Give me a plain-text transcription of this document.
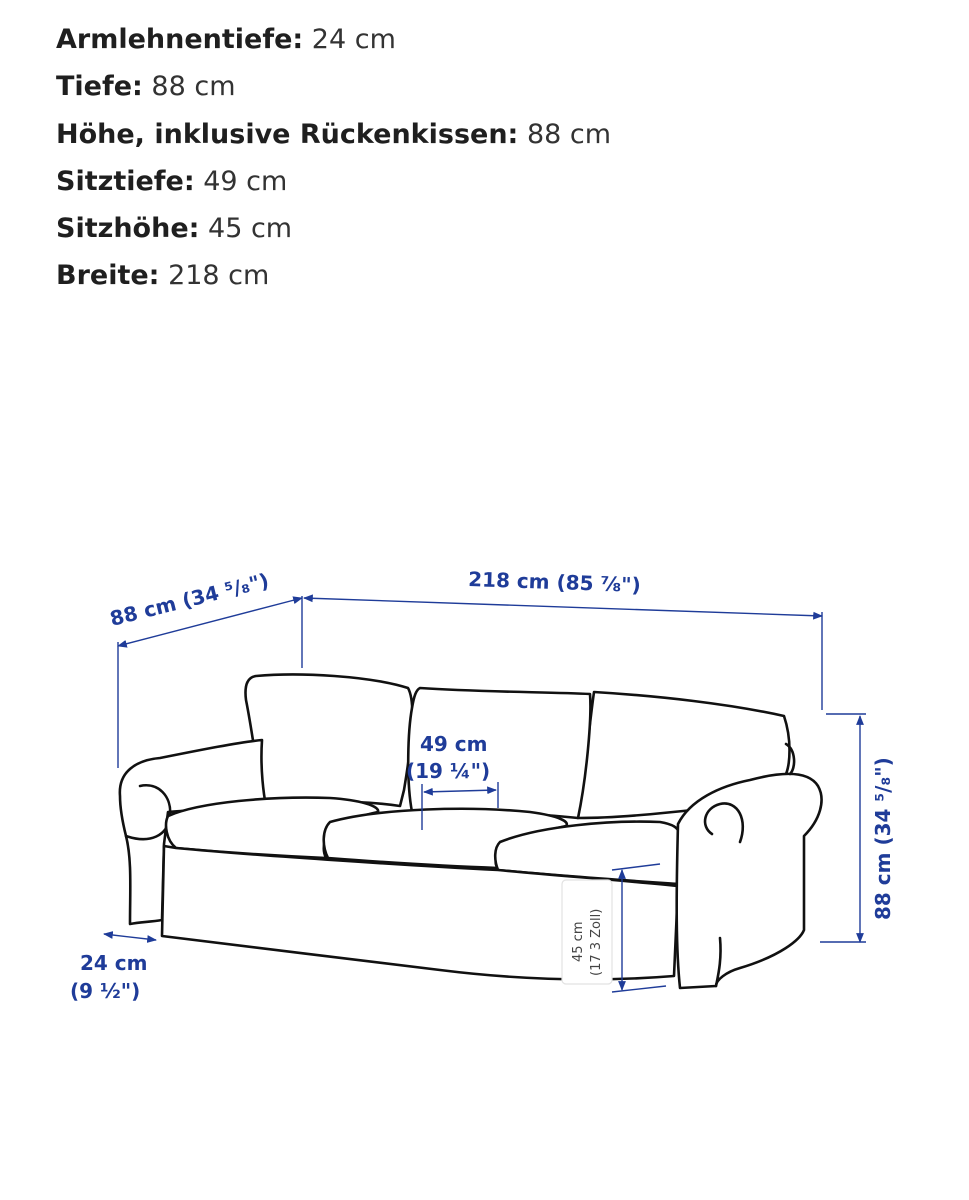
Armlehnentiefe: 24 cm
Tiefe: 88 cm
Höhe, inklusive Rückenkissen: 88 cm
Sitztiefe: 49 cm
Sitzhöhe: 45 cm
Breite: 218 cm
88 cm (34 ⁵/₈")	218 cm (85 ⅞")
49 cm
(19 ¼")	88 cm (34 ⁵/₈")
24 cm
(9 ½")
45 cm (17 3 Zoll)
